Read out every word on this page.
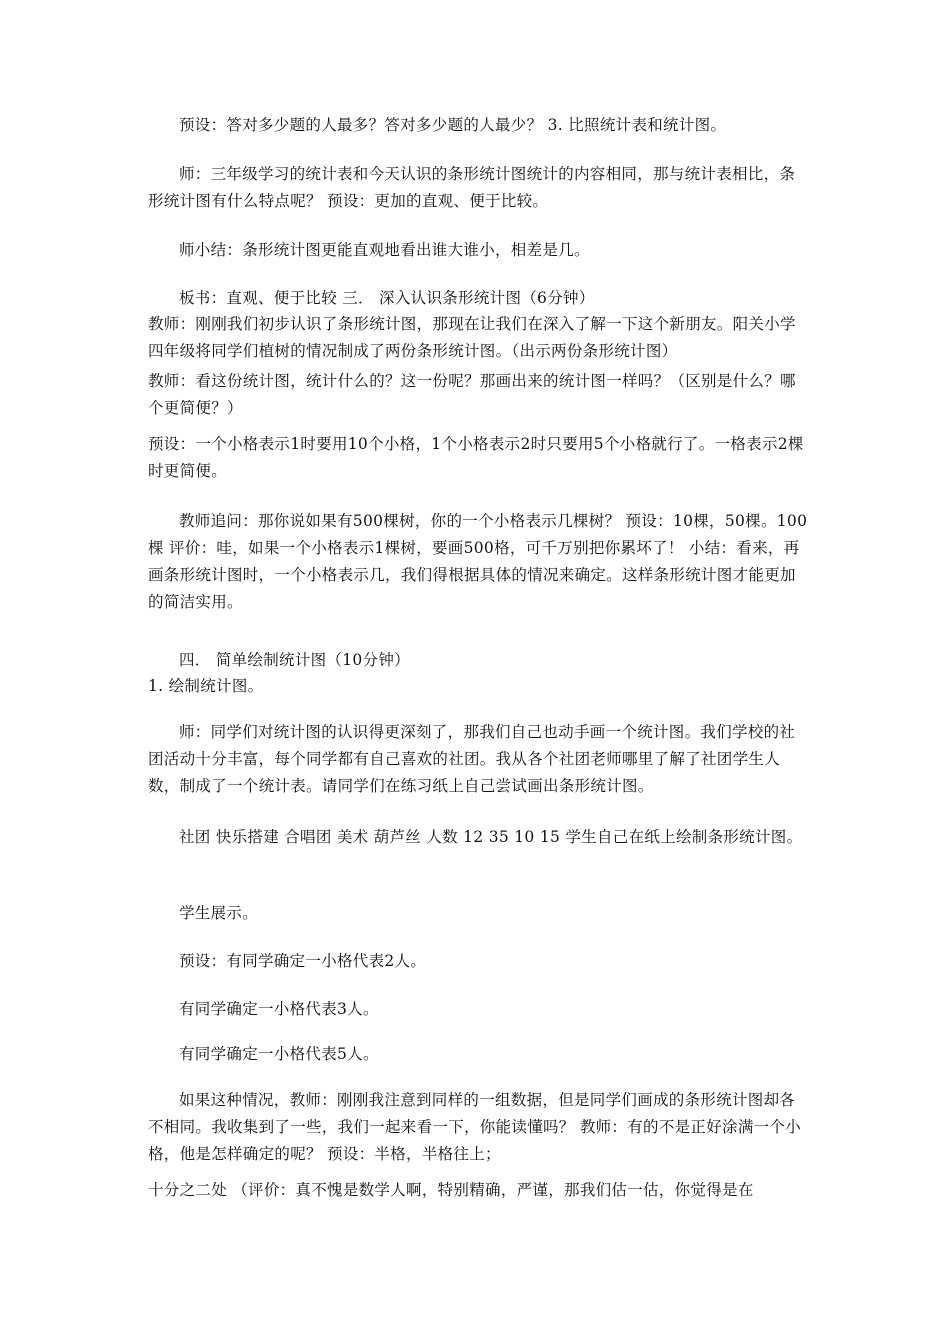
预设：答对多少题的人最多？答对多少题的人最少？ 3. 比照统计表和统计图。

师：三年级学习的统计表和今天认识的条形统计图统计的内容相同，那与统计表相比，条形统计图有什么特点呢？ 预设：更加的直观、便于比较。

师小结：条形统计图更能直观地看出谁大谁小，相差是几。

板书：直观、便于比较 三． 深入认识条形统计图（6分钟）

教师：刚刚我们初步认识了条形统计图，那现在让我们在深入了解一下这个新朋友。阳关小学四年级将同学们植树的情况制成了两份条形统计图。（出示两份条形统计图）

教师：看这份统计图，统计什么的？这一份呢？那画出来的统计图一样吗？（区别是什么？哪个更简便？）

预设：一个小格表示1时要用10个小格，1个小格表示2时只要用5个小格就行了。一格表示2棵时更简便。

教师追问：那你说如果有500棵树，你的一个小格表示几棵树？ 预设：10棵，50棵。100棵 评价：哇，如果一个小格表示1棵树，要画500格，可千万别把你累坏了！ 小结：看来，再画条形统计图时，一个小格表示几，我们得根据具体的情况来确定。这样条形统计图才能更加的简洁实用。

四． 简单绘制统计图（10分钟）

1. 绘制统计图。

师：同学们对统计图的认识得更深刻了，那我们自己也动手画一个统计图。我们学校的社团活动十分丰富，每个同学都有自己喜欢的社团。我从各个社团老师哪里了解了社团学生人数，制成了一个统计表。请同学们在练习纸上自己尝试画出条形统计图。

社团 快乐搭建 合唱团 美术 葫芦丝 人数 12 35 10 15 学生自己在纸上绘制条形统计图。

学生展示。

预设：有同学确定一小格代表2人。

有同学确定一小格代表3人。

有同学确定一小格代表5人。

如果这种情况，教师：刚刚我注意到同样的一组数据，但是同学们画成的条形统计图却各不相同。我收集到了一些，我们一起来看一下，你能读懂吗？ 教师：有的不是正好涂满一个小格，他是怎样确定的呢？ 预设：半格，半格往上；

十分之二处 （评价：真不愧是数学人啊，特别精确，严谨，那我们估一估，你觉得是在
